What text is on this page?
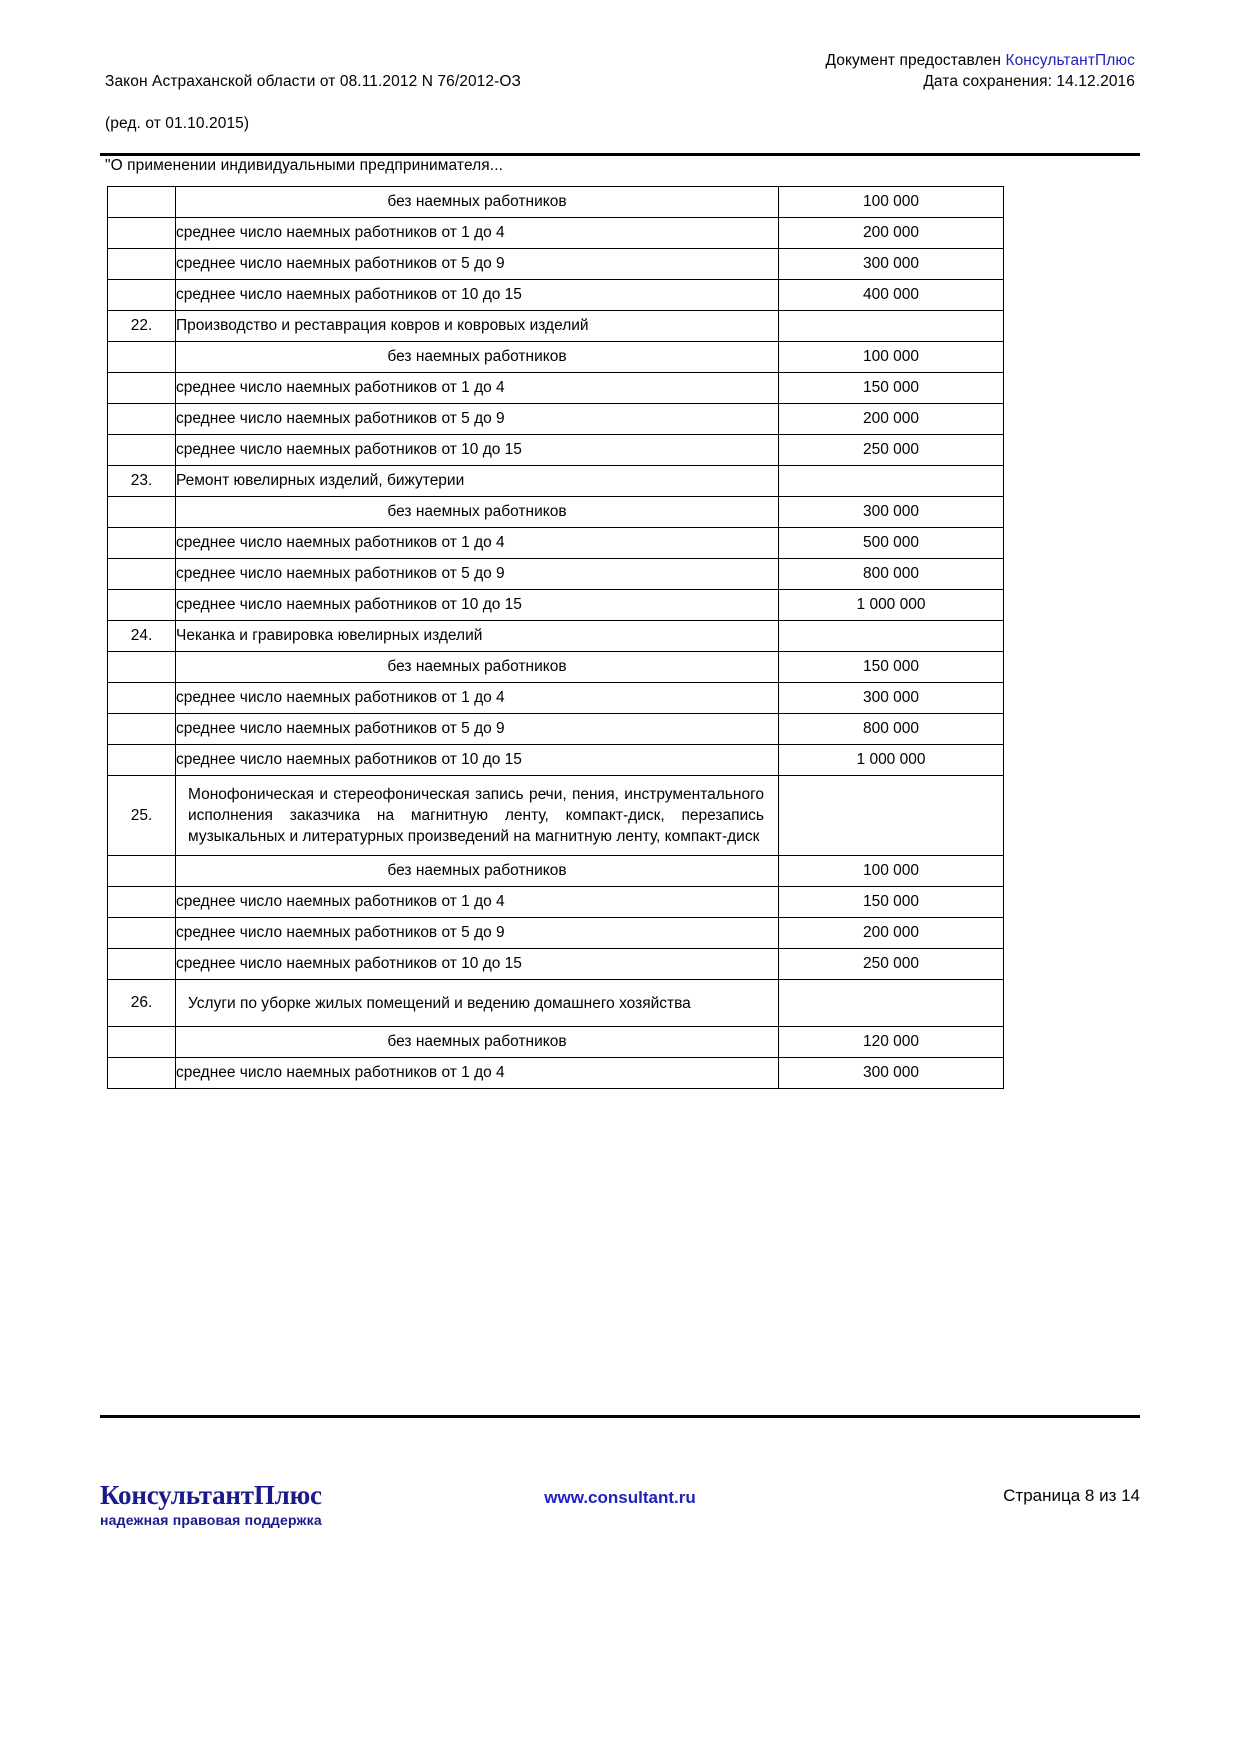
Закон Астраханской области от 08.11.2012 N 76/2012-ОЗ

(ред. от 01.10.2015)

"О применении индивидуальными предпринимателя...

Документ предоставлен КонсультантПлюс
Дата сохранения: 14.12.2016
	без наемных работников	100 000
	среднее число наемных работников от 1 до 4	200 000
	среднее число наемных работников от 5 до 9	300 000
	среднее число наемных работников от 10 до 15	400 000
22.	Производство и реставрация ковров и ковровых изделий	
	без наемных работников	100 000
	среднее число наемных работников от 1 до 4	150 000
	среднее число наемных работников от 5 до 9	200 000
	среднее число наемных работников от 10 до 15	250 000
23.	Ремонт ювелирных изделий, бижутерии	
	без наемных работников	300 000
	среднее число наемных работников от 1 до 4	500 000
	среднее число наемных работников от 5 до 9	800 000
	среднее число наемных работников от 10 до 15	1 000 000
24.	Чеканка и гравировка ювелирных изделий	
	без наемных работников	150 000
	среднее число наемных работников от 1 до 4	300 000
	среднее число наемных работников от 5 до 9	800 000
	среднее число наемных работников от 10 до 15	1 000 000
25.	Монофоническая и стереофоническая запись речи, пения, инструментального исполнения заказчика на магнитную ленту, компакт-диск, перезапись музыкальных и литературных произведений на магнитную ленту, компакт-диск	
	без наемных работников	100 000
	среднее число наемных работников от 1 до 4	150 000
	среднее число наемных работников от 5 до 9	200 000
	среднее число наемных работников от 10 до 15	250 000
26.	Услуги по уборке жилых помещений и ведению домашнего хозяйства	
	без наемных работников	120 000
	среднее число наемных работников от 1 до 4	300 000
КонсультантПлюс
надежная правовая поддержка
www.consultant.ru	Страница 8 из 14
